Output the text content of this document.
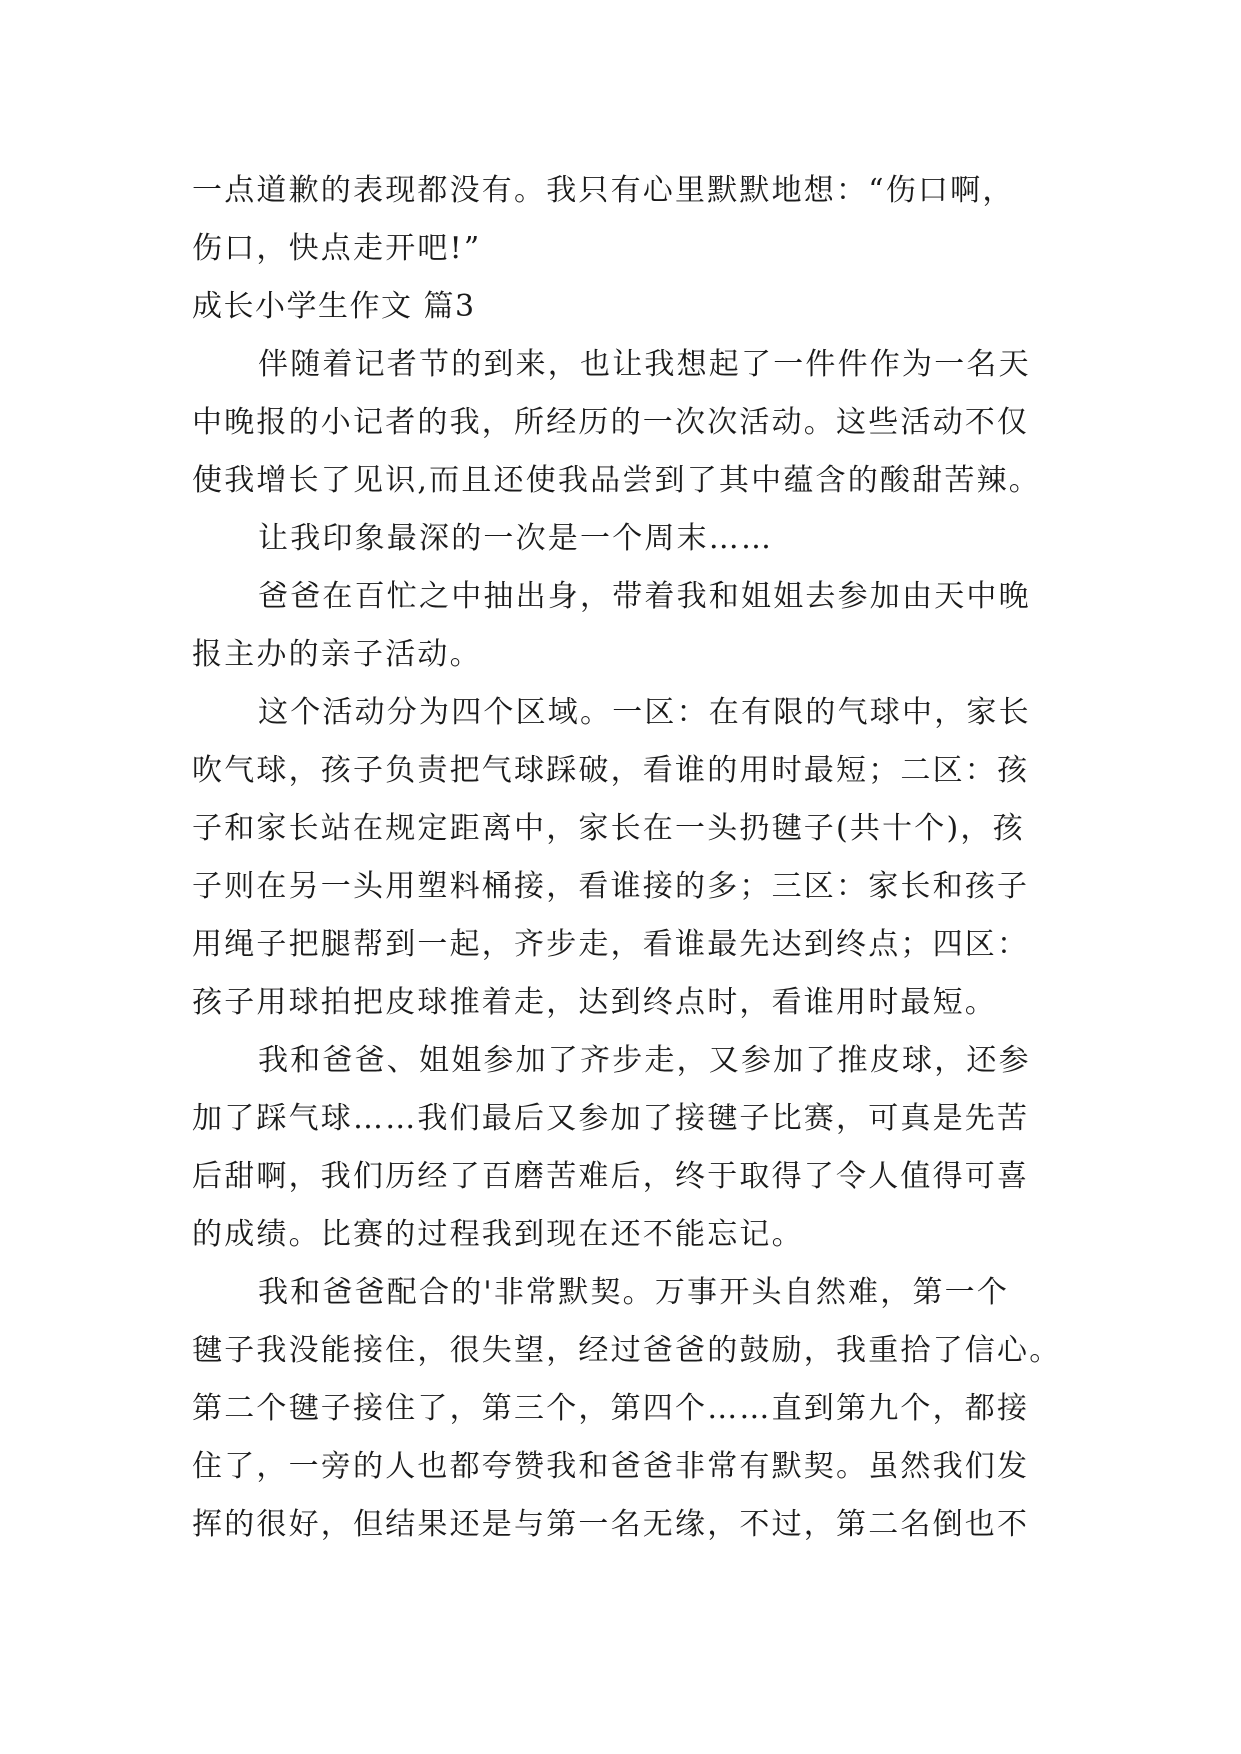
一点道歉的表现都没有。我只有心里默默地想：“伤口啊，
伤口，快点走开吧!”
成长小学生作文 篇3
伴随着记者节的到来，也让我想起了一件件作为一名天
中晚报的小记者的我，所经历的一次次活动。这些活动不仅
使我增长了见识,而且还使我品尝到了其中蕴含的酸甜苦辣。
让我印象最深的一次是一个周末……
爸爸在百忙之中抽出身，带着我和姐姐去参加由天中晚
报主办的亲子活动。
这个活动分为四个区域。一区：在有限的气球中，家长
吹气球，孩子负责把气球踩破，看谁的用时最短；二区：孩
子和家长站在规定距离中，家长在一头扔毽子(共十个)，孩
子则在另一头用塑料桶接，看谁接的多；三区：家长和孩子
用绳子把腿帮到一起，齐步走，看谁最先达到终点；四区：
孩子用球拍把皮球推着走，达到终点时，看谁用时最短。
我和爸爸、姐姐参加了齐步走，又参加了推皮球，还参
加了踩气球……我们最后又参加了接毽子比赛，可真是先苦
后甜啊，我们历经了百磨苦难后，终于取得了令人值得可喜
的成绩。比赛的过程我到现在还不能忘记。
我和爸爸配合的'非常默契。万事开头自然难，第一个
毽子我没能接住，很失望，经过爸爸的鼓励，我重拾了信心。
第二个毽子接住了，第三个，第四个……直到第九个，都接
住了，一旁的人也都夸赞我和爸爸非常有默契。虽然我们发
挥的很好，但结果还是与第一名无缘，不过，第二名倒也不
